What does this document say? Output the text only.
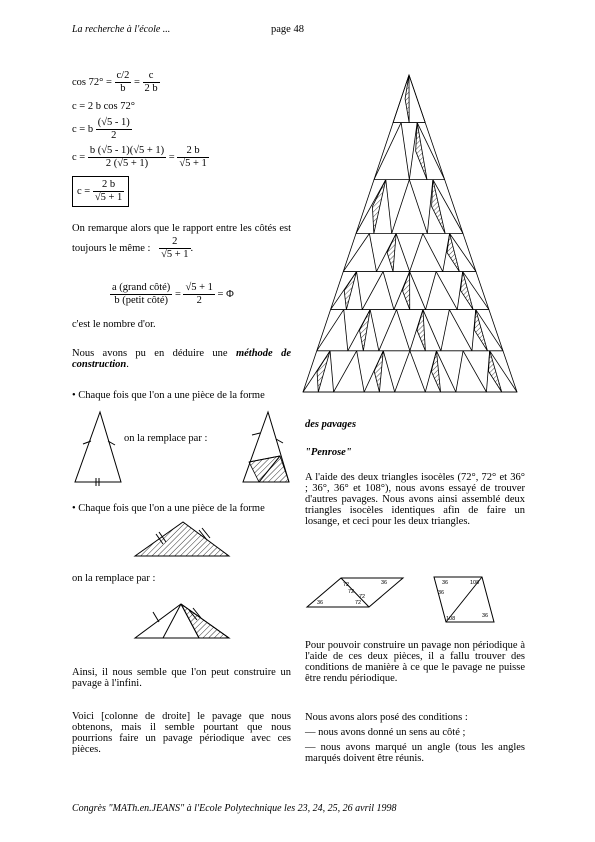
La recherche à l'école ...	page 48
$\cos 72^\circ = \frac{c/2}{b} = \frac{c}{2 b}$
c = 2 b cos 72°
c = b $\frac{(√5 - 1)}{2}$
$c = \frac{b (√5 - 1)(√5 + 1)}{2 (√5 + 1)} = \frac{2 b}{√5 + 1}$
$c = \frac{2 b}{√5 + 1}$
On remarque alors que le rapport entre les côtés est toujours le même : $\frac{2}{√5 + 1}$ .
$\frac{\text{a (grand côté)}}{\text{b (petit côté)}} = \frac{√5 + 1}{2} = \Phi$
c'est le nombre d'or.
Nous avons pu en déduire une méthode de construction.
• Chaque fois que l'on a une pièce de la forme
on la remplace par :
• Chaque fois que l'on a une pièce de la forme
on la remplace par :
Ainsi, il nous semble que l'on peut construire un pavage à l'infini.
Voici [colonne de droite] le pavage que nous obtenons, mais il semble pourtant que nous pourrions faire un pavage périodique avec ces pièces.
des pavages
"Penrose"
A l'aide des deux triangles isocèles (72°, 72° et 36° ; 36°, 36° et 108°), nous avons essayé de trouver d'autres pavages. Nous avons ainsi assemblé deux triangles isocèles identiques afin de faire un losange, et ceci pour les deux triangles.
72
72
36
36
72
72
36	108
36
108	36
Pour pouvoir construire un pavage non périodique à l'aide de ces deux pièces, il a fallu trouver des conditions de manière à ce que le pavage ne puisse être rendu périodique.
Nous avons alors posé des conditions :
— nous avons donné un sens au côté ;
— nous avons marqué un angle (tous les angles marqués doivent être réunis.
Congrès "MATh.en.JEANS" à l'Ecole Polytechnique les 23, 24, 25, 26 avril 1998
